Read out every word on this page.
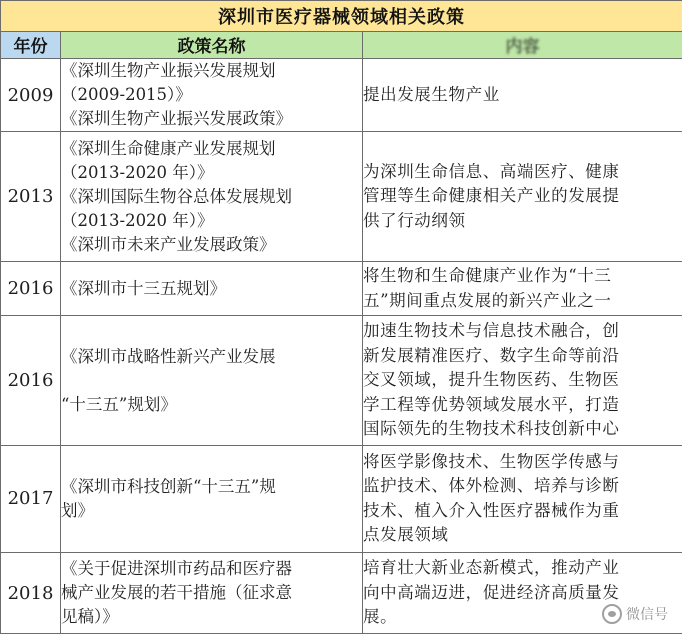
深圳市医疗器械领域相关政策		
年份	政策名称	内容
2009	《深圳生物产业振兴发展规划
（2009-2015）》
《深圳生物产业振兴发展政策》	提出发展生物产业
2013	《深圳生命健康产业发展规划
（2013-2020 年）》
《深圳国际生物谷总体发展规划
（2013-2020 年）》
《深圳市未来产业发展政策》	为深圳生命信息、高端医疗、健康
管理等生命健康相关产业的发展提
供了行动纲领
2016	《深圳市十三五规划》	将生物和生命健康产业作为“十三
五”期间重点发展的新兴产业之一
2016	《深圳市战略性新兴产业发展

“十三五”规划》	加速生物技术与信息技术融合，创
新发展精准医疗、数字生命等前沿
交叉领域，提升生物医药、生物医
学工程等优势领域发展水平，打造
国际领先的生物技术科技创新中心
2017	《深圳市科技创新“十三五”规
划》	将医学影像技术、生物医学传感与
监护技术、体外检测、培养与诊断
技术、植入介入性医疗器械作为重
点发展领域
2018	《关于促进深圳市药品和医疗器
械产业发展的若干措施（征求意
见稿）》	培育壮大新业态新模式，推动产业
向中高端迈进，促进经济高质量发
展。	微信号
